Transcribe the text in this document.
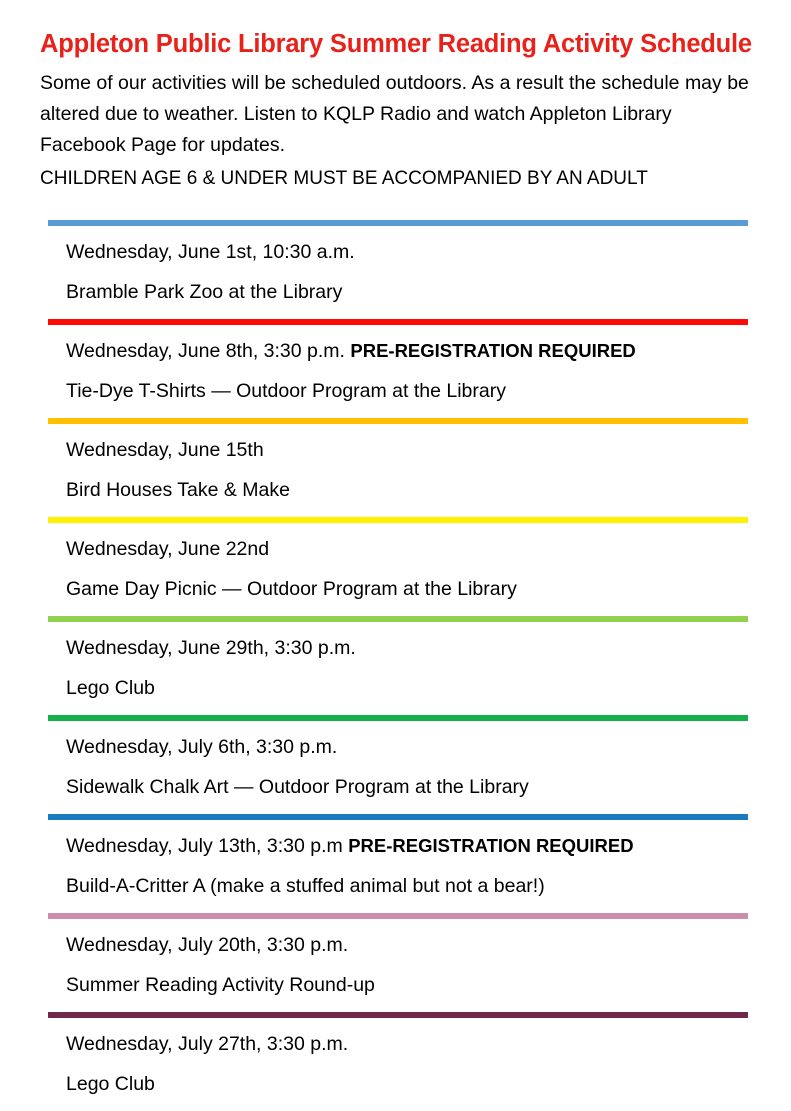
Appleton Public Library Summer Reading Activity Schedule

Some of our activities will be scheduled outdoors. As a result the schedule may be altered due to weather. Listen to KQLP Radio and watch Appleton Library Facebook Page for updates.

CHILDREN AGE 6 & UNDER MUST BE ACCOMPANIED BY AN ADULT

Wednesday, June 1st, 10:30 a.m.
Bramble Park Zoo at the Library
Wednesday, June 8th, 3:30 p.m. PRE-REGISTRATION REQUIRED
Tie-Dye T-Shirts — Outdoor Program at the Library
Wednesday, June 15th
Bird Houses Take & Make
Wednesday, June 22nd
Game Day Picnic — Outdoor Program at the Library
Wednesday, June 29th, 3:30 p.m.
Lego Club
Wednesday, July 6th, 3:30 p.m.
Sidewalk Chalk Art — Outdoor Program at the Library
Wednesday, July 13th, 3:30 p.m PRE-REGISTRATION REQUIRED
Build-A-Critter A (make a stuffed animal but not a bear!)
Wednesday, July 20th, 3:30 p.m.
Summer Reading Activity Round-up
Wednesday, July 27th, 3:30 p.m.
Lego Club
